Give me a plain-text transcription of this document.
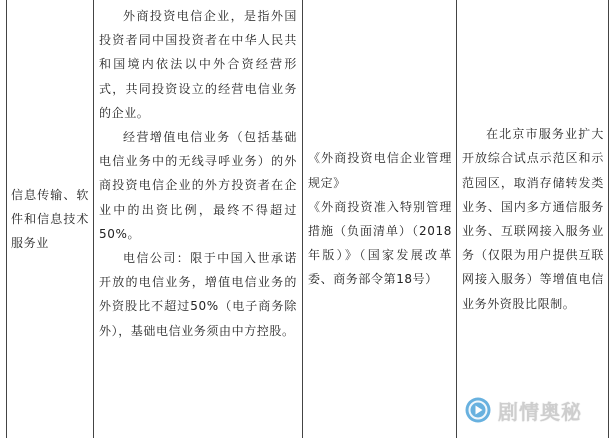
信息传输、软件和信息技术服务业

外商投资电信企业，是指外国投资者同中国投资者在中华人民共和国境内依法以中外合资经营形式，共同投资设立的经营电信业务的企业。

经营增值电信业务（包括基础电信业务中的无线寻呼业务）的外商投资电信企业的外方投资者在企业中的出资比例，最终不得超过50%。

电信公司：限于中国入世承诺开放的电信业务，增值电信业务的外资股比不超过50%（电子商务除外），基础电信业务须由中方控股。

《外商投资电信企业管理规定》

《外商投资准入特别管理措施（负面清单）（2018年版）》（国家发展改革委、商务部令第18号）

在北京市服务业扩大开放综合试点示范区和示范园区，取消存储转发类业务、国内多方通信服务业务、互联网接入服务业务（仅限为用户提供互联网接入服务）等增值电信业务外资股比限制。

剧情奥秘
